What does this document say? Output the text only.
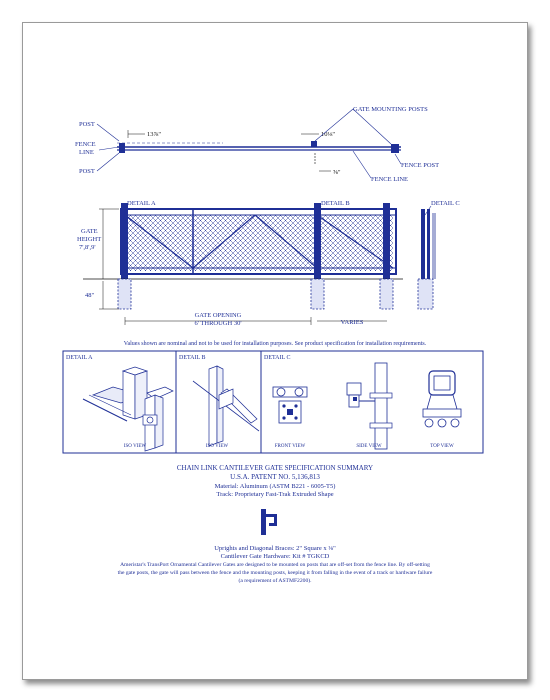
POST
FENCE
LINE
POST
13⅞"	10⅛"
⅝"
GATE MOUNTING POSTS
FENCE POST
FENCE LINE
DETAIL A	DETAIL B	DETAIL C
GATE
HEIGHT
7',8',9'
48"
GATE OPENING
6' THROUGH 30'	VARIES
Values shown are nominal and not to be used for installation purposes. See product specification for installation requirements.
DETAIL A	DETAIL B	DETAIL C
ISO VIEW	ISO VIEW	FRONT VIEW	SIDE VIEW	TOP VIEW
CHAIN LINK CANTILEVER GATE SPECIFICATION SUMMARY
U.S.A. PATENT NO. 5,136,813
Material: Aluminum (ASTM B221 - 6005-T5)
Track: Proprietary Fast-Trak Extruded Shape
Uprights and Diagonal Braces: 2" Square x ⅛"
Cantilever Gate Hardware: Kit # TGKCD
Ameristar's TransPort Ornamental Cantilever Gates are designed to be mounted on posts that are off-set from the fence line. By off-setting
the gate posts, the gate will pass between the fence and the mounting posts, keeping it from falling in the event of a track or hardware failure
(a requirement of ASTMF2200).
